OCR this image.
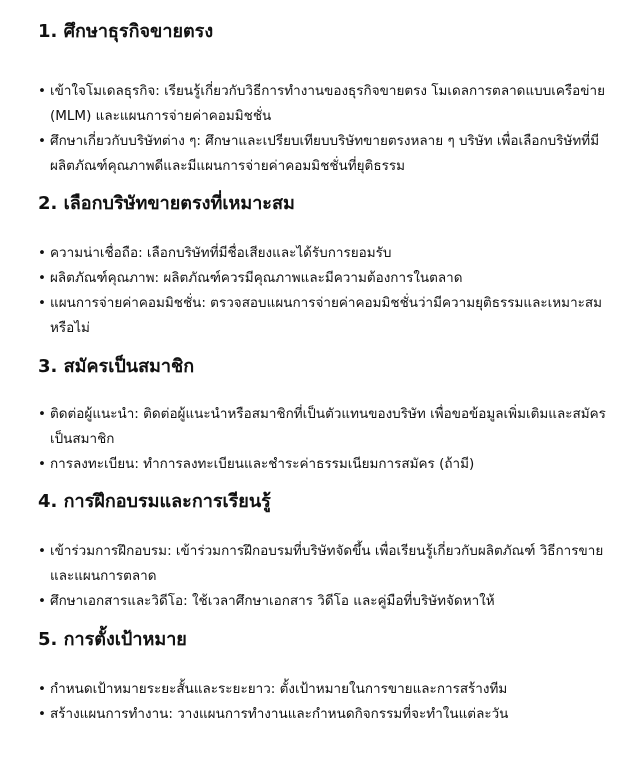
1. ศึกษาธุรกิจขายตรง
• เข้าใจโมเดลธุรกิจ: เรียนรู้เกี่ยวกับวิธีการทำงานของธุรกิจขายตรง โมเดลการตลาดแบบเครือข่าย (MLM) และแผนการจ่ายค่าคอมมิชชั่น
• ศึกษาเกี่ยวกับบริษัทต่าง ๆ: ศึกษาและเปรียบเทียบบริษัทขายตรงหลาย ๆ บริษัท เพื่อเลือกบริษัทที่มีผลิตภัณฑ์คุณภาพดีและมีแผนการจ่ายค่าคอมมิชชั่นที่ยุติธรรม
2. เลือกบริษัทขายตรงที่เหมาะสม
• ความน่าเชื่อถือ: เลือกบริษัทที่มีชื่อเสียงและได้รับการยอมรับ
• ผลิตภัณฑ์คุณภาพ: ผลิตภัณฑ์ควรมีคุณภาพและมีความต้องการในตลาด
• แผนการจ่ายค่าคอมมิชชั่น: ตรวจสอบแผนการจ่ายค่าคอมมิชชั่นว่ามีความยุติธรรมและเหมาะสมหรือไม่
3. สมัครเป็นสมาชิก
• ติดต่อผู้แนะนำ: ติดต่อผู้แนะนำหรือสมาชิกที่เป็นตัวแทนของบริษัท เพื่อขอข้อมูลเพิ่มเติมและสมัครเป็นสมาชิก
• การลงทะเบียน: ทำการลงทะเบียนและชำระค่าธรรมเนียมการสมัคร (ถ้ามี)
4. การฝึกอบรมและการเรียนรู้
• เข้าร่วมการฝึกอบรม: เข้าร่วมการฝึกอบรมที่บริษัทจัดขึ้น เพื่อเรียนรู้เกี่ยวกับผลิตภัณฑ์ วิธีการขาย และแผนการตลาด
• ศึกษาเอกสารและวิดีโอ: ใช้เวลาศึกษาเอกสาร วิดีโอ และคู่มือที่บริษัทจัดหาให้
5. การตั้งเป้าหมาย
• กำหนดเป้าหมายระยะสั้นและระยะยาว: ตั้งเป้าหมายในการขายและการสร้างทีม
• สร้างแผนการทำงาน: วางแผนการทำงานและกำหนดกิจกรรมที่จะทำในแต่ละวัน
